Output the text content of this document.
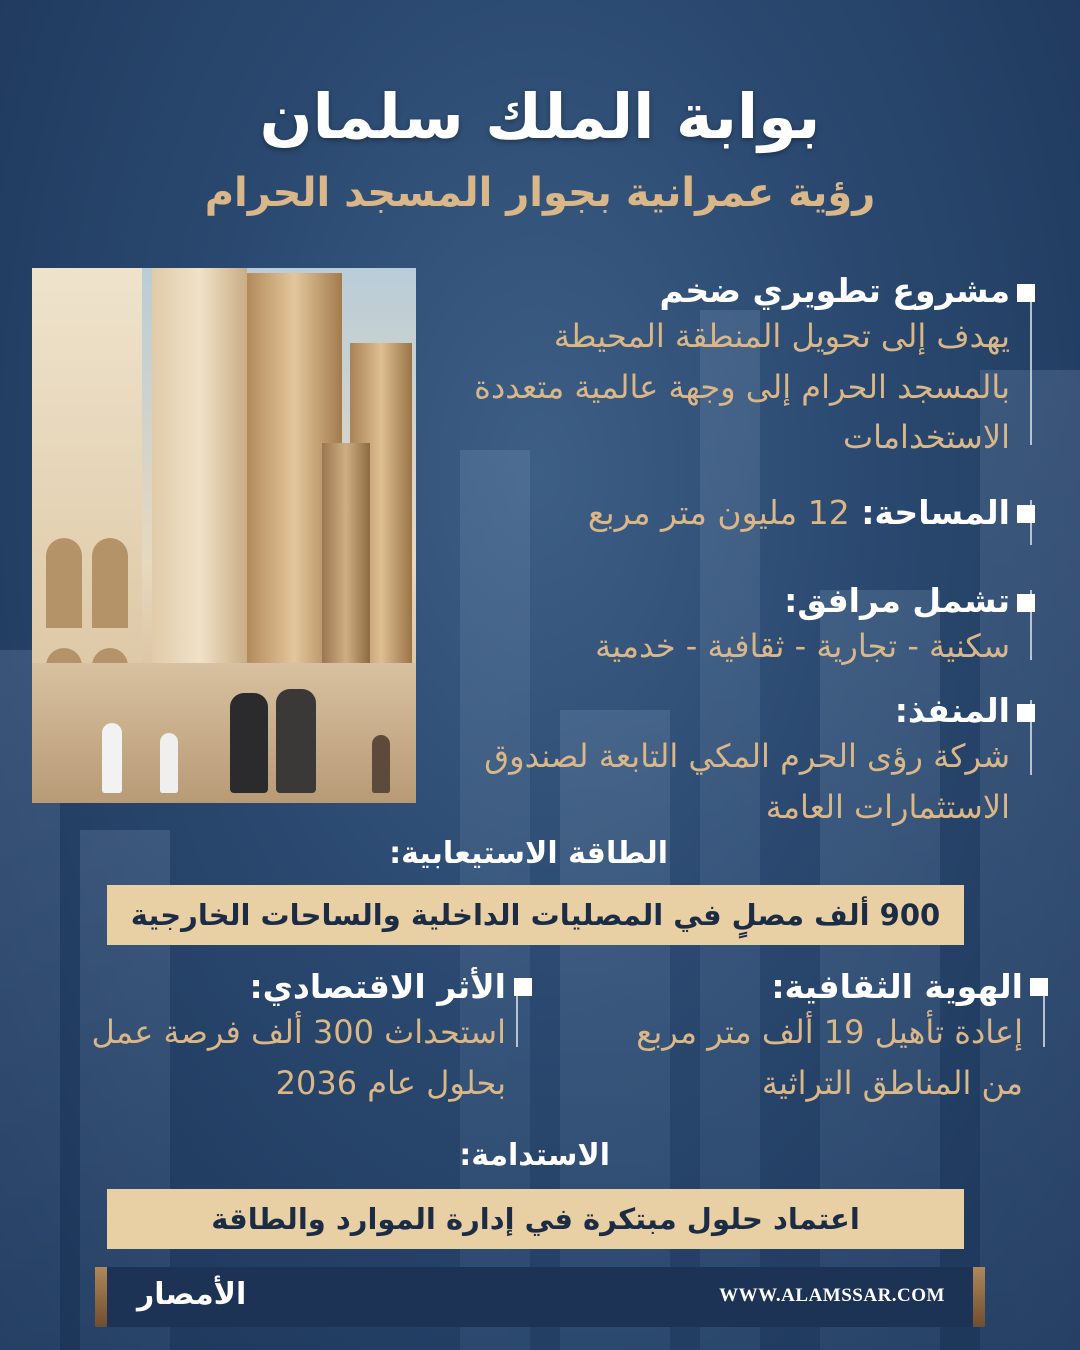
بوابة الملك سلمان
رؤية عمرانية بجوار المسجد الحرام
مشروع تطويري ضخم
يهدف إلى تحويل المنطقة المحيطة
بالمسجد الحرام إلى وجهة عالمية متعددة
الاستخدامات
المساحة: 12 مليون متر مربع
تشمل مرافق:
سكنية - تجارية - ثقافية - خدمية
المنفذ:
شركة رؤى الحرم المكي التابعة لصندوق
الاستثمارات العامة
الطاقة الاستيعابية:
900 ألف مصلٍ في المصليات الداخلية والساحات الخارجية
الهوية الثقافية:
إعادة تأهيل 19 ألف متر مربع
من المناطق التراثية
الأثر الاقتصادي:
استحداث 300 ألف فرصة عمل
بحلول عام 2036
الاستدامة:
اعتماد حلول مبتكرة في إدارة الموارد والطاقة
الأمصار	WWW.ALAMSSAR.COM
